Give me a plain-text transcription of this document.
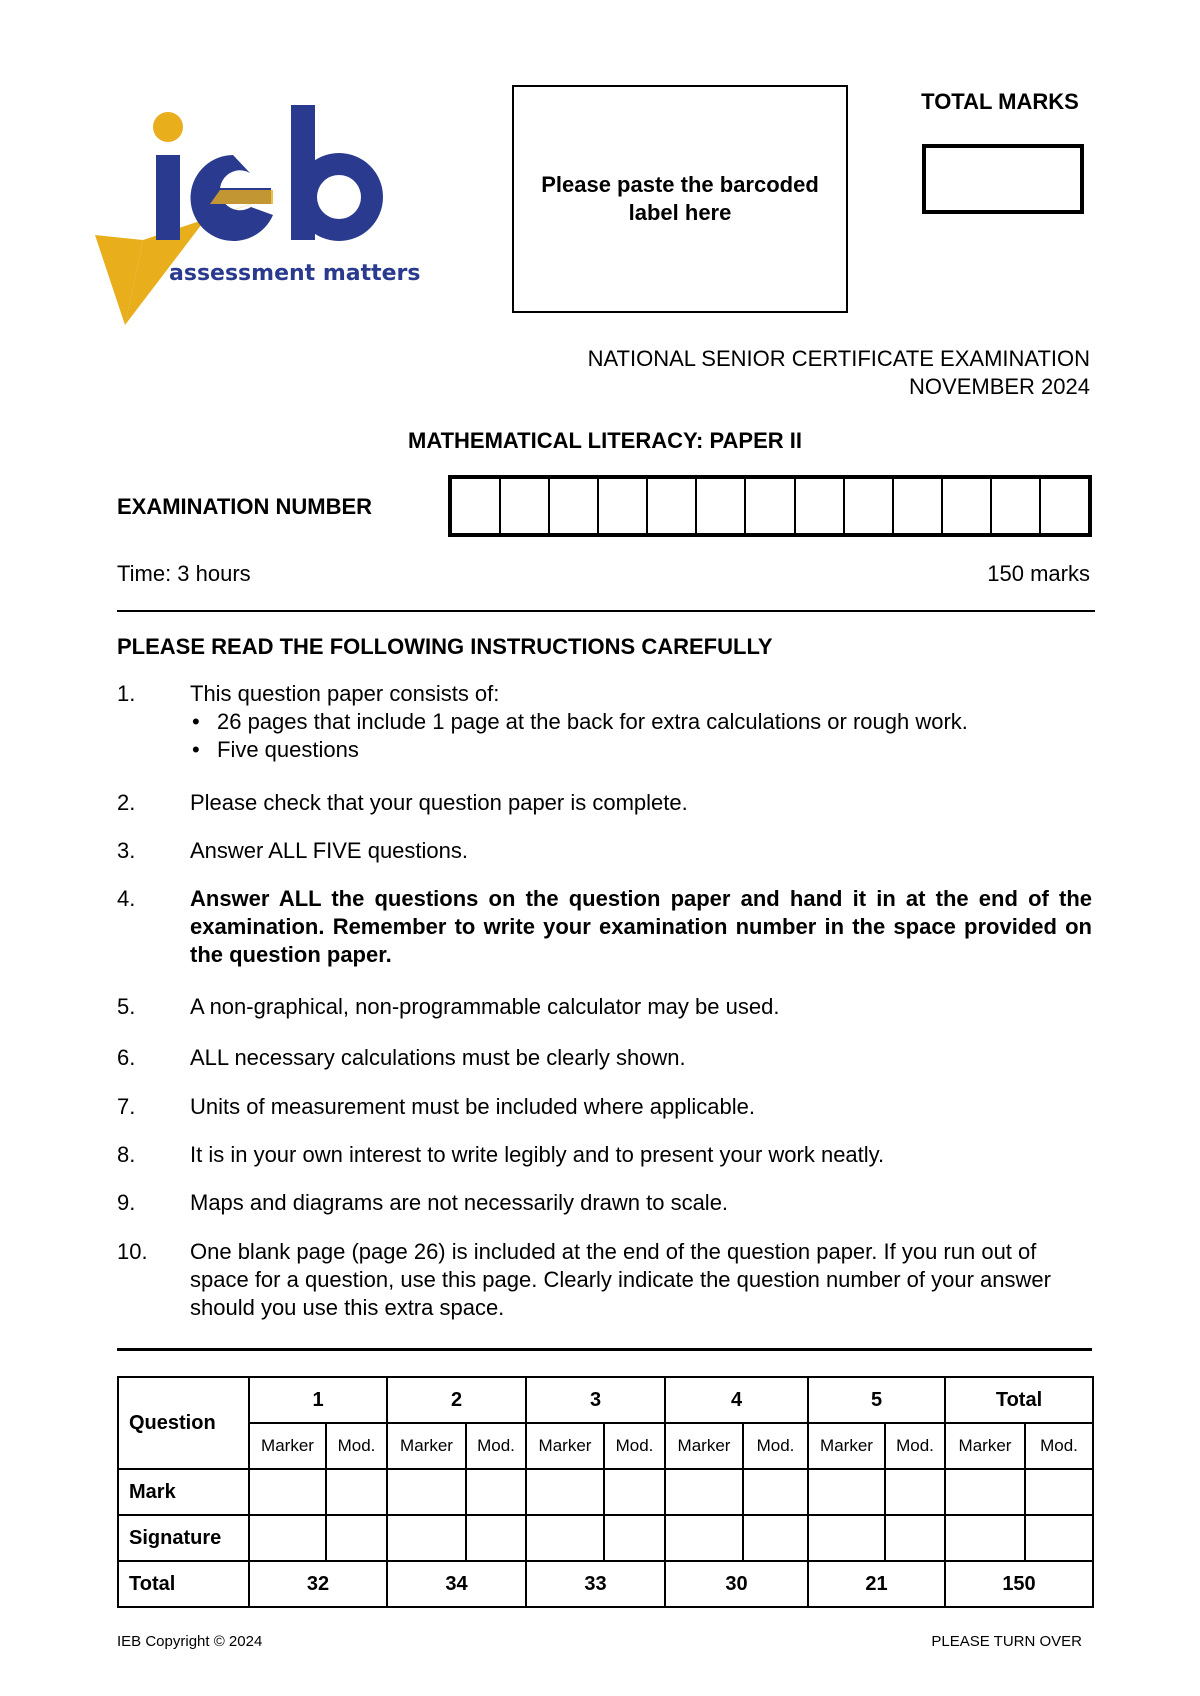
assessment matters
Please paste the barcoded label here
TOTAL MARKS
NATIONAL SENIOR CERTIFICATE EXAMINATION
NOVEMBER 2024
MATHEMATICAL LITERACY: PAPER II
EXAMINATION NUMBER
Time: 3 hours	150 marks
PLEASE READ THE FOLLOWING INSTRUCTIONS CAREFULLY
1. This question paper consists of:
• 26 pages that include 1 page at the back for extra calculations or rough work.
• Five questions
2. Please check that your question paper is complete.
3. Answer ALL FIVE questions.
4. Answer ALL the questions on the question paper and hand it in at the end of the examination. Remember to write your examination number in the space provided on the question paper.
5. A non-graphical, non-programmable calculator may be used.
6. ALL necessary calculations must be clearly shown.
7. Units of measurement must be included where applicable.
8. It is in your own interest to write legibly and to present your work neatly.
9. Maps and diagrams are not necessarily drawn to scale.
10. One blank page (page 26) is included at the end of the question paper. If you run out of space for a question, use this page. Clearly indicate the question number of your answer should you use this extra space.
Question	1		2		3		4		5		Total	
	Marker	Mod.	Marker	Mod.	Marker	Mod.	Marker	Mod.	Marker	Mod.	Marker	Mod.
Mark												
Signature												
Total	32		34		33		30		21		150	
IEB Copyright © 2024	PLEASE TURN OVER
